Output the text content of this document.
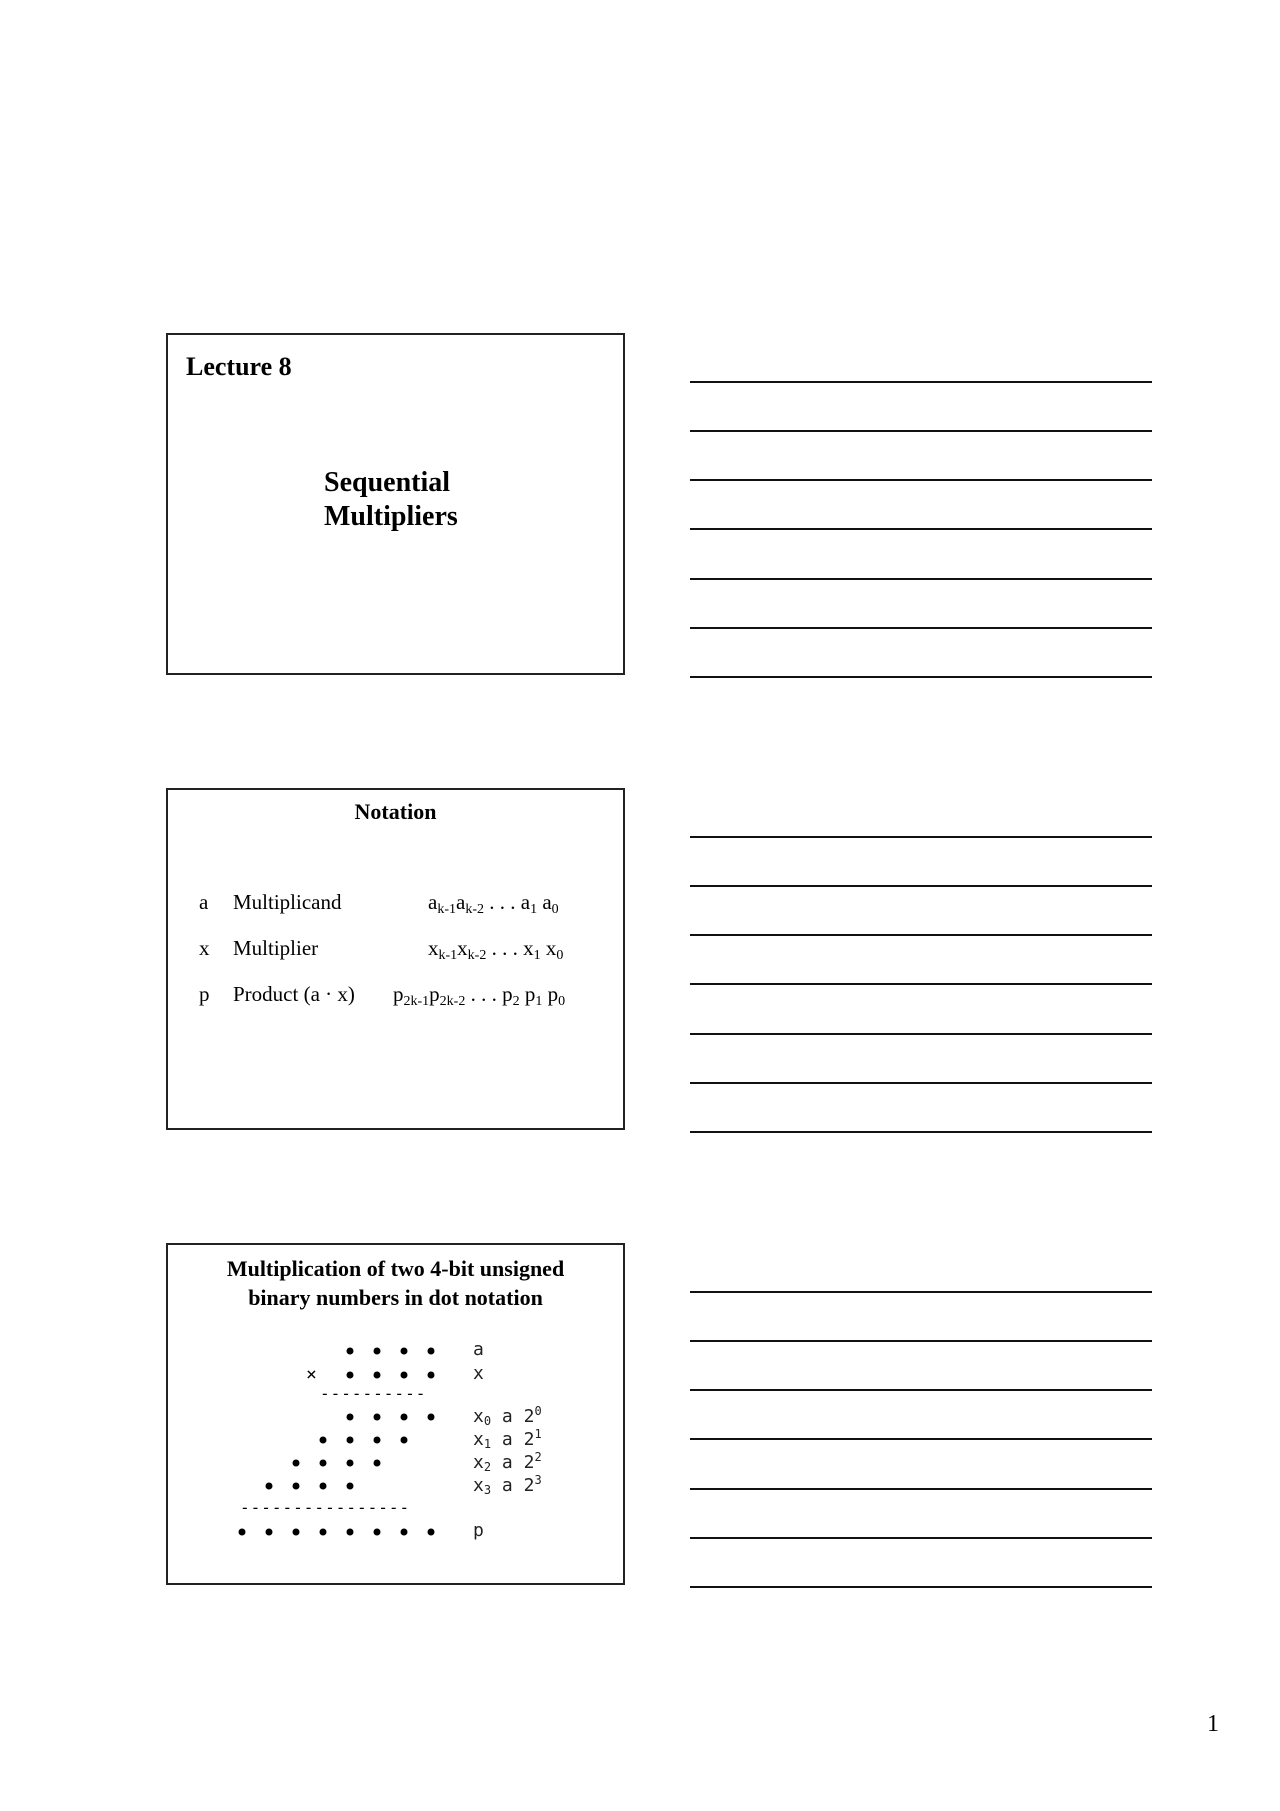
Lecture 8
Sequential
Multipliers
Notation
a Multiplicand	$a_{k-1}a_{k-2}$ . . . $a_1$ $a_0$
x Multiplier	$x_{k-1}x_{k-2}$ . . . $x_1$ $x_0$
p Product (a · x) $p_{2k-1}p_{2k-2}$ . . . $p_2$ $p_1$ $p_0$
Multiplication of two 4-bit unsigned
binary numbers in dot notation
×
----------
----------------
a
x
$x_0$ a $2^0$
$x_1$ a $2^1$
$x_2$ a $2^2$
$x_3$ a $2^3$
p
1
